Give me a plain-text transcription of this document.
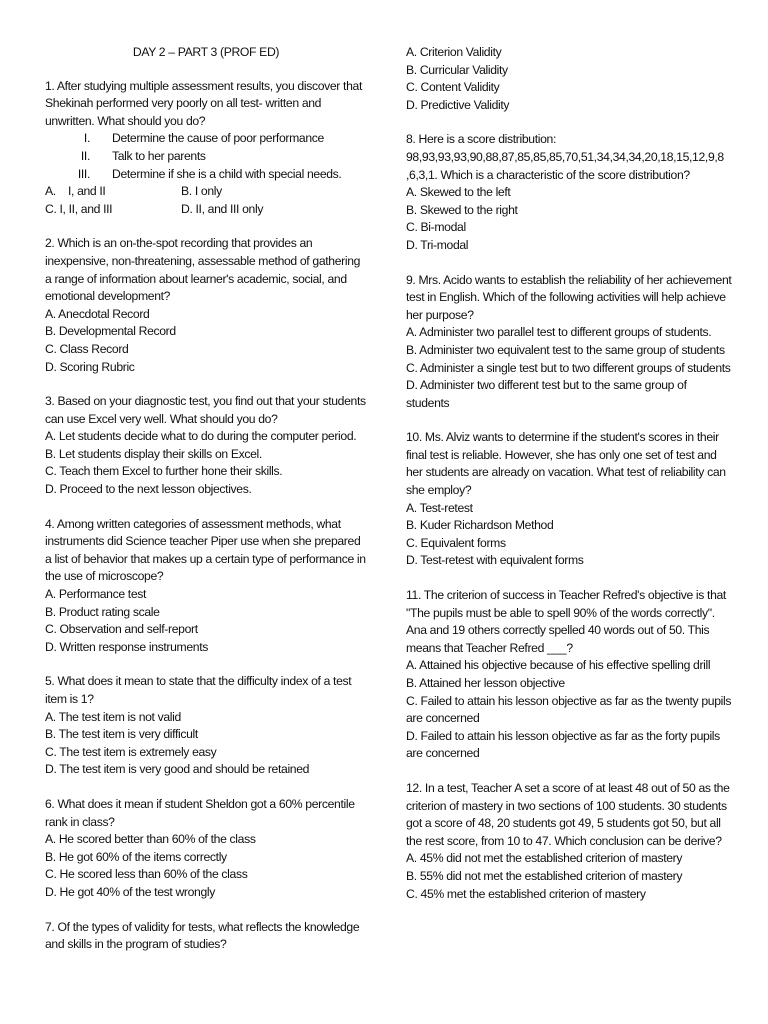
DAY 2 – PART 3 (PROF ED)

1. After studying multiple assessment results, you discover that Shekinah performed very poorly on all test- written and unwritten. What should you do?

I.	Determine the cause of poor performance
II.	Talk to her parents
III.	Determine if she is a child with special needs.
A.    I, and II	B. I only
C. I, II, and III	D. II, and III only

2. Which is an on-the-spot recording that provides an inexpensive, non-threatening, assessable method of gathering a range of information about learner's academic, social, and emotional development?

A. Anecdotal Record

B. Developmental Record

C. Class Record

D. Scoring Rubric

3. Based on your diagnostic test, you find out that your students can use Excel very well. What should you do?

A. Let students decide what to do during the computer period.

B. Let students display their skills on Excel.

C. Teach them Excel to further hone their skills.

D. Proceed to the next lesson objectives.

4. Among written categories of assessment methods, what instruments did Science teacher Piper use when she prepared a list of behavior that makes up a certain type of performance in the use of microscope?

A. Performance test

B. Product rating scale

C. Observation and self-report

D. Written response instruments

5. What does it mean to state that the difficulty index of a test item is 1?

A. The test item is not valid

B. The test item is very difficult

C. The test item is extremely easy

D. The test item is very good and should be retained

6. What does it mean if student Sheldon got a 60% percentile rank in class?

A. He scored better than 60% of the class

B. He got 60% of the items correctly

C. He scored less than 60% of the class

D. He got 40% of the test wrongly

7. Of the types of validity for tests, what reflects the knowledge and skills in the program of studies?

A. Criterion Validity

B. Curricular Validity

C. Content Validity

D. Predictive Validity

8. Here is a score distribution:

98,93,93,93,90,88,87,85,85,85,70,51,34,34,34,20,18,15,12,9,8

,6,3,1. Which is a characteristic of the score distribution?

A. Skewed to the left

B. Skewed to the right

C. Bi-modal

D. Tri-modal

9. Mrs. Acido wants to establish the reliability of her achievement test in English. Which of the following activities will help achieve her purpose?

A. Administer two parallel test to different groups of students.

B. Administer two equivalent test to the same group of students

C. Administer a single test but to two different groups of students

D. Administer two different test but to the same group of students

10. Ms. Alviz wants to determine if the student's scores in their final test is reliable. However, she has only one set of test and her students are already on vacation. What test of reliability can she employ?

A. Test-retest

B. Kuder Richardson Method

C. Equivalent forms

D. Test-retest with equivalent forms

11. The criterion of success in Teacher Refred's objective is that "The pupils must be able to spell 90% of the words correctly". Ana and 19 others correctly spelled 40 words out of 50. This means that Teacher Refred ___?

A. Attained his objective because of his effective spelling drill

B. Attained her lesson objective

C. Failed to attain his lesson objective as far as the twenty pupils are concerned

D. Failed to attain his lesson objective as far as the forty pupils are concerned

12. In a test, Teacher A set a score of at least 48 out of 50 as the criterion of mastery in two sections of 100 students. 30 students got a score of 48, 20 students got 49, 5 students got 50, but all the rest score, from 10 to 47. Which conclusion can be derive?

A. 45% did not met the established criterion of mastery

B. 55% did not met the established criterion of mastery

C. 45% met the established criterion of mastery
